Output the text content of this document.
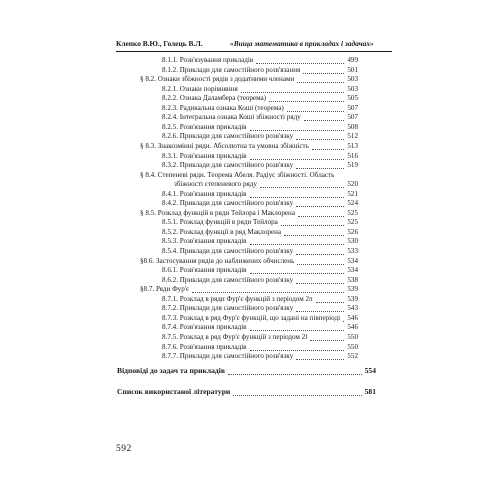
Клепко В.Ю., Голець В.Л.	«Вища математика в прикладах і задачах»
8.1.1. Розв'язування прикладів	499
8.1.2. Приклади для самостійного розв'язання	501
§ 8.2. Ознаки збіжності рядів з додатними членами	503
8.2.1. Ознаки порівняння	503
8.2.2. Ознака Даламбера (теорема)	505
8.2.3. Радикальна ознака Коші (теорема)	507
8.2.4. Інтегральна ознака Коші збіжності ряду	507
8.2.5. Розв'язання прикладів	508
8.2.6. Приклади для самостійного розв'язку	512
§ 8.3. Знакозмінні ряди. Абсолютна та умовна збіжність	513
8.3.1. Розв'язання прикладів	516
8.3.2. Приклади для самостійного розв'язку	519
§ 8.4. Степеневі ряди. Теорема Абеля. Радіус збіжності. Область
збіжності степеневого ряду	520
8.4.1. Розв'язання прикладів	521
8.4.2. Приклади для самостійного розв'язку	524
§ 8.5. Розклад функцій в ряди Тейлора і Маклорена	525
8.5.1. Розклад функцій в ряди Тейлора	525
8.5.2. Розклад функції в ряд Маклорена	526
8.5.3. Розв'язання прикладів	530
8.5.4. Приклади для самостійного розв'язку	533
§8.6. Застосування рядів до наближених обчислень	534
8.6.1. Розв'язання прикладів	534
8.6.2. Приклади для самостійного розв'язку	538
§8.7. Ряди Фур'є	539
8.7.1. Розклад в ряди Фур'є функцій з періодом 2π	539
8.7.2. Приклади для самостійного розв'язку	543
8.7.3. Розклад в ряд Фур'є функцій, що задані на півперіоді 546
8.7.4. Розв'язання прикладів	546
8.7.5. Розклад в ряд Фур'є функцій з періодом 2l	550
8.7.6. Розв'язання прикладів	550
8.7.7. Приклади для самостійного розв'язку	552
Відповіді до задач та прикладів	554
Список використаної літератури	581
592
